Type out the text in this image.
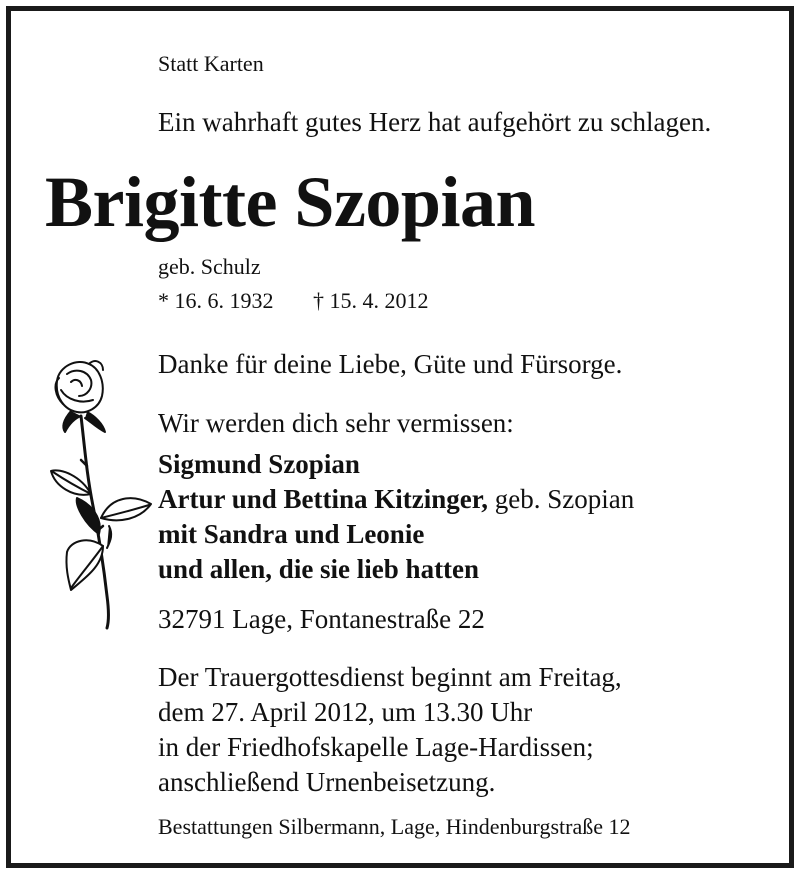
Statt Karten
Ein wahrhaft gutes Herz hat aufgehört zu schlagen.
Brigitte Szopian
geb. Schulz
* 16. 6. 1932 † 15. 4. 2012
Danke für deine Liebe, Güte und Fürsorge.
Wir werden dich sehr vermissen:
Sigmund Szopian
Artur und Bettina Kitzinger, geb. Szopian
mit Sandra und Leonie
und allen, die sie lieb hatten
32791 Lage, Fontanestraße 22
Der Trauergottesdienst beginnt am Freitag,
dem 27. April 2012, um 13.30 Uhr
in der Friedhofskapelle Lage-Hardissen;
anschließend Urnenbeisetzung.
Bestattungen Silbermann, Lage, Hindenburgstraße 12
